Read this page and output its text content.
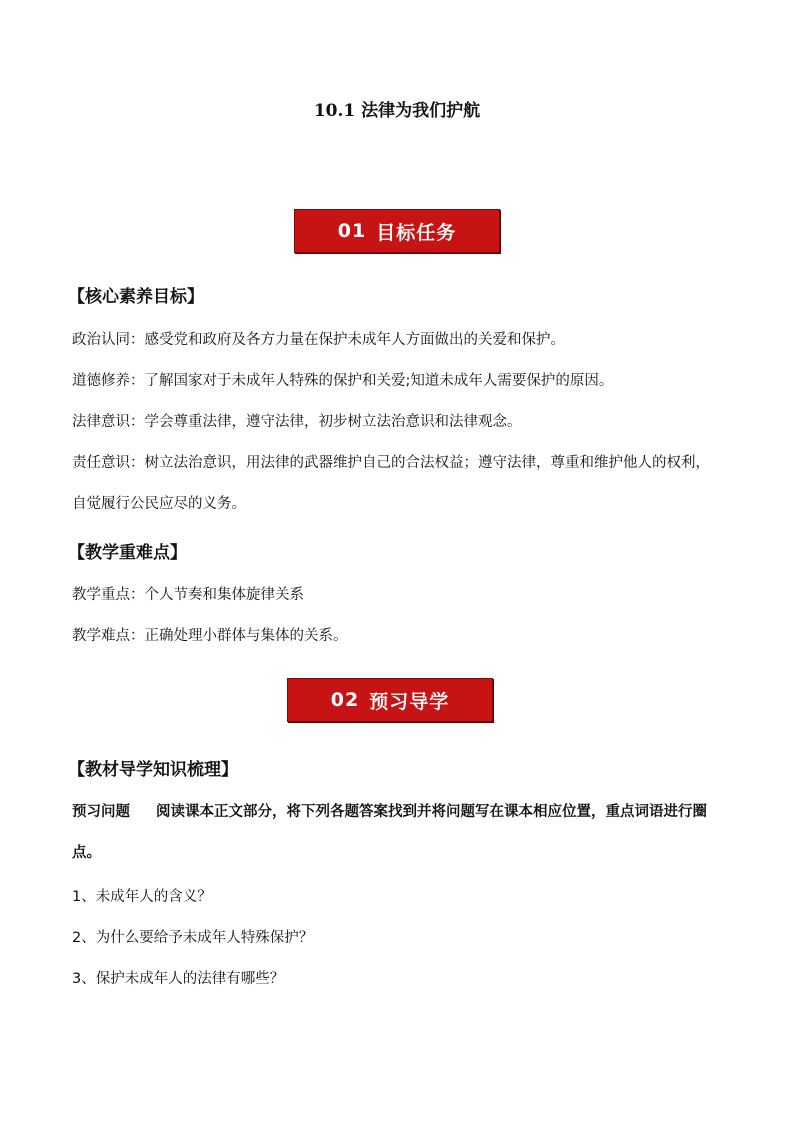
10.1 法律为我们护航
01 目标任务
【核心素养目标】
政治认同：感受党和政府及各方力量在保护未成年人方面做出的关爱和保护。
道德修养：了解国家对于未成年人特殊的保护和关爱;知道未成年人需要保护的原因。
法律意识：学会尊重法律，遵守法律，初步树立法治意识和法律观念。
责任意识：树立法治意识，用法律的武器维护自己的合法权益；遵守法律，尊重和维护他人的权利，自觉履行公民应尽的义务。
【教学重难点】
教学重点：个人节奏和集体旋律关系
教学难点：正确处理小群体与集体的关系。
02 预习导学
【教材导学知识梳理】
预习问题 阅读课本正文部分，将下列各题答案找到并将问题写在课本相应位置，重点词语进行圈点。
1、未成年人的含义？
2、为什么要给予未成年人特殊保护？
3、保护未成年人的法律有哪些？
